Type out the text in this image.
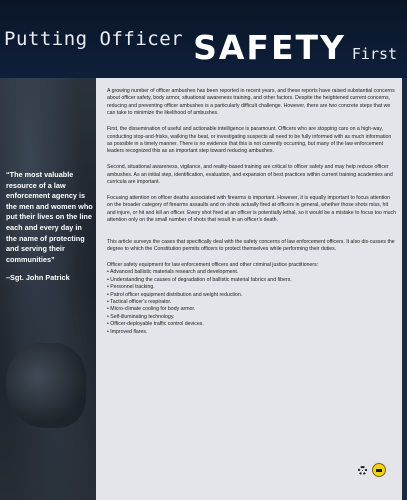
Putting Officer SAFETY First
“The most valuable resource of a law enforcement agency is the men and women who put their lives on the line each and every day in the name of protecting and serving their communities”
–Sgt. John Patrick

A growing number of officer ambushes has been reported in recent years, and these reports have raised substantial concerns about officer safety, body armor, situational awareness training, and other factors. Despite the heightened current concerns, reducing and preventing officer ambushes is a particularly difficult challenge. However, there are two concrete steps that we can take to minimize the likelihood of ambushes.

First, the dissemination of useful and actionable intelligence is paramount. Officers who are stopping cars on a high-way, conducting stop-and-frisks, walking the beat, or investigating suspects all need to be fully informed with as much information as possible in a timely manner. There is no evidence that this is not currently occurring, but many of the law enforcement leaders recognized this as an important step toward reducing ambushes.

Second, situational awareness, vigilance, and reality-based training are critical to officer safety and may help reduce officer ambushes. As an initial step, identification, evaluation, and expansion of best practices within current training academies and curricula are important.

Focusing attention on officer deaths associated with firearms is important. However, it is equally important to focus attention on the broader category of firearms assaults and on shots actually fired at officers in general, whether those shots miss, hit and injure, or hit and kill an officer. Every shot fired at an officer is potentially lethal, so it would be a mistake to focus too much attention only on the small number of shots that result in an officer’s death.

This article surveys the cases that specifically deal with the safety concerns of law enforcement officers. It also dis-cusses the degree to which the Constitution permits officers to protect themselves while performing their duties.

Officer safety equipment for law enforcement officers and other criminal justice practitioners:
• Advanced ballistic materials research and development.
• Understanding the causes of degradation of ballistic material fabrics and fibers.
• Personnel tracking.
• Patrol officer equipment distribution and weight reduction.
• Tactical officer’s respirator.
• Micro-climate cooling for body armor.
• Self-illuminating technology.
• Officer-deployable traffic control devices.
• Improved flares.
